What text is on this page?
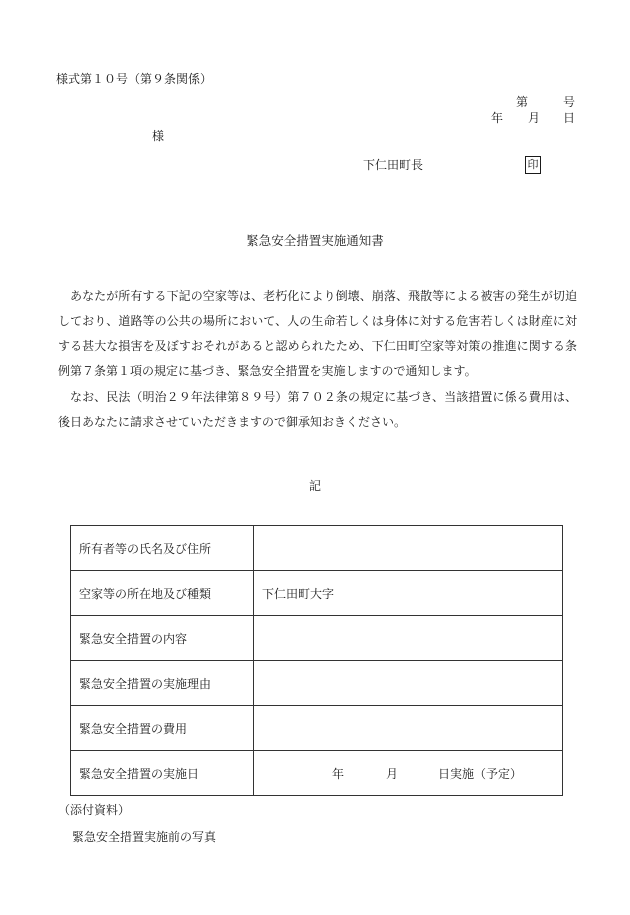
様式第１０号（第９条関係）
第	号
年 月 日
様
下仁田町長	印
緊急安全措置実施通知書

あなたが所有する下記の空家等は、老朽化により倒壊、崩落、飛散等による被害の発生が切迫しており、道路等の公共の場所において、人の生命若しくは身体に対する危害若しくは財産に対する甚大な損害を及ぼすおそれがあると認められたため、下仁田町空家等対策の推進に関する条例第７条第１項の規定に基づき、緊急安全措置を実施しますので通知します。

なお、民法（明治２９年法律第８９号）第７０２条の規定に基づき、当該措置に係る費用は、後日あなたに請求させていただきますので御承知おきください。

記
所有者等の氏名及び住所	
空家等の所在地及び種類	下仁田町大字
緊急安全措置の内容	
緊急安全措置の実施理由	
緊急安全措置の費用	
緊急安全措置の実施日	年 月 日実施（予定）
（添付資料）
緊急安全措置実施前の写真
